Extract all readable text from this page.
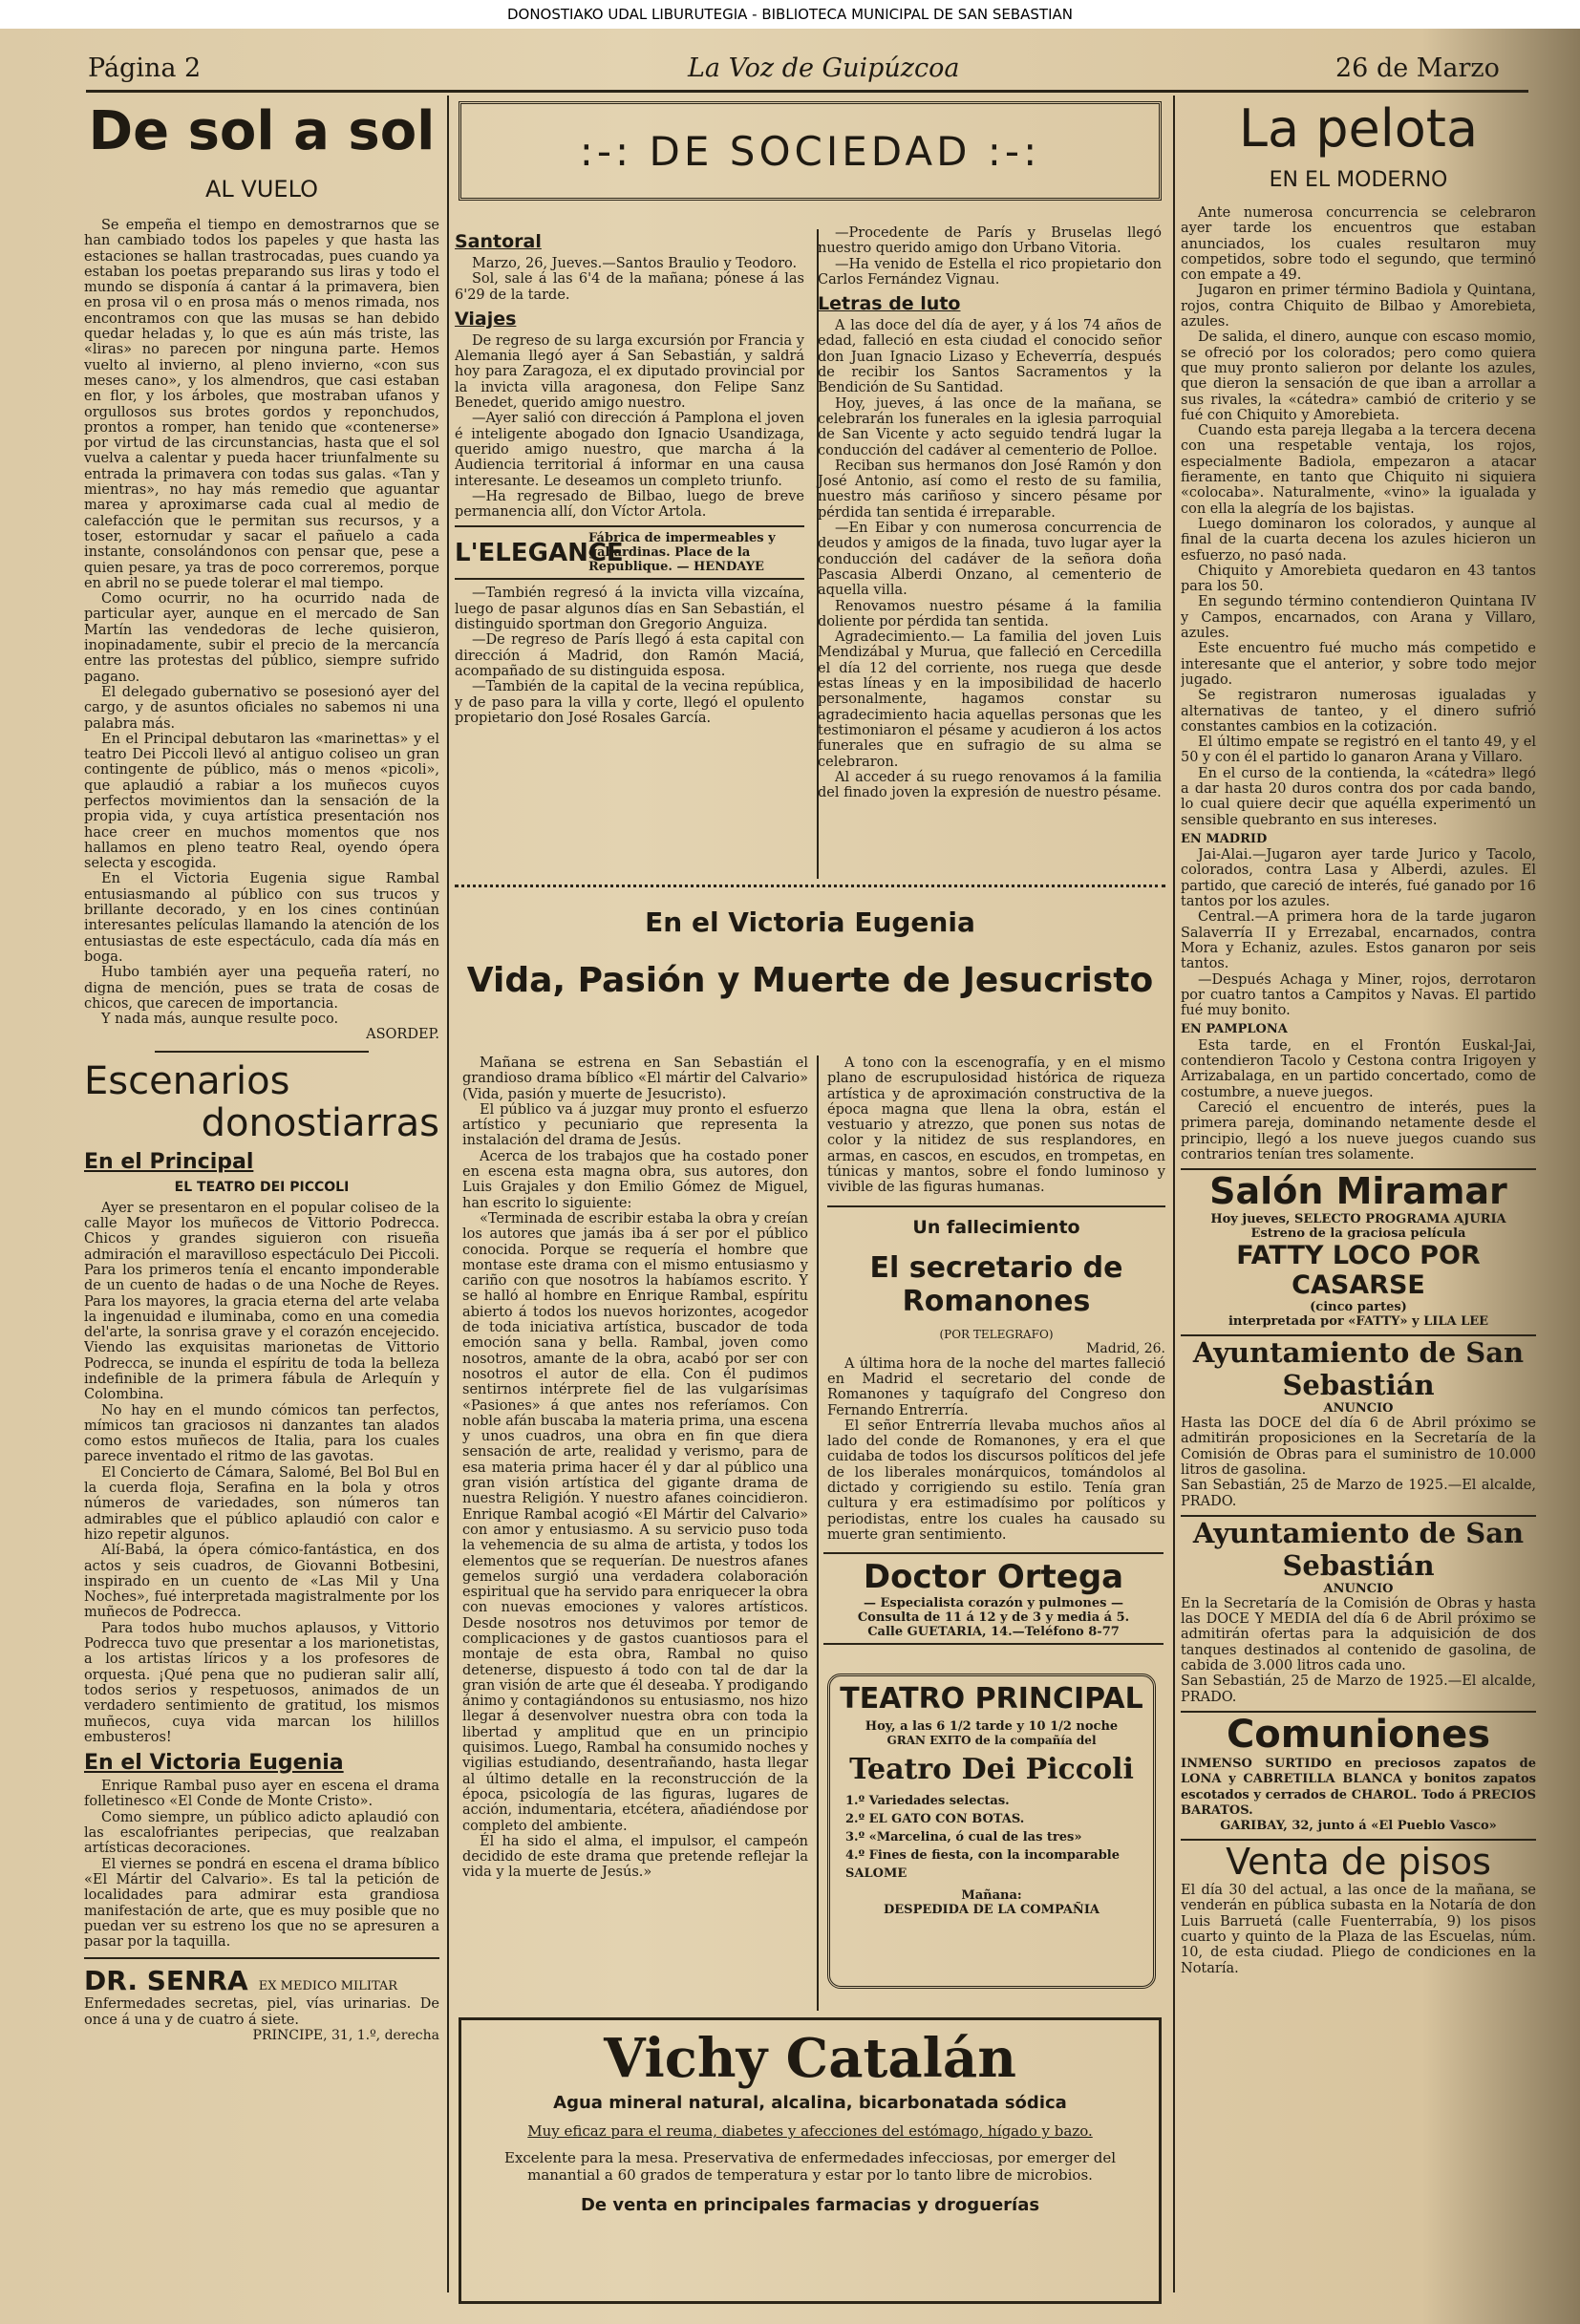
DONOSTIAKO UDAL LIBURUTEGIA - BIBLIOTECA MUNICIPAL DE SAN SEBASTIAN
Página 2	La Voz de Guipúzcoa	26 de Marzo
De sol a sol
AL VUELO

Se empeña el tiempo en demostrarnos que se han cambiado todos los papeles y que hasta las estaciones se hallan trastrocadas, pues cuando ya estaban los poetas preparando sus liras y todo el mundo se disponía á cantar á la primavera, bien en prosa vil o en prosa más o menos rimada, nos encontramos con que las musas se han debido quedar heladas y, lo que es aún más triste, las «liras» no parecen por ninguna parte. Hemos vuelto al invierno, al pleno invierno, «con sus meses cano», y los almendros, que casi estaban en flor, y los árboles, que mostraban ufanos y orgullosos sus brotes gordos y reponchudos, prontos a romper, han tenido que «contenerse» por virtud de las circunstancias, hasta que el sol vuelva a calentar y pueda hacer triunfalmente su entrada la primavera con todas sus galas. «Tan y mientras», no hay más remedio que aguantar marea y aproximarse cada cual al medio de calefacción que le permitan sus recursos, y a toser, estornudar y sacar el pañuelo a cada instante, consolándonos con pensar que, pese a quien pesare, ya tras de poco correremos, porque en abril no se puede tolerar el mal tiempo.

Como ocurrir, no ha ocurrido nada de particular ayer, aunque en el mercado de San Martín las vendedoras de leche quisieron, inopinadamente, subir el precio de la mercancía entre las protestas del público, siempre sufrido pagano.

El delegado gubernativo se posesionó ayer del cargo, y de asuntos oficiales no sabemos ni una palabra más.

En el Principal debutaron las «marinettas» y el teatro Dei Piccoli llevó al antiguo coliseo un gran contingente de público, más o menos «picoli», que aplaudió a rabiar a los muñecos cuyos perfectos movimientos dan la sensación de la propia vida, y cuya artística presentación nos hace creer en muchos momentos que nos hallamos en pleno teatro Real, oyendo ópera selecta y escogida.

En el Victoria Eugenia sigue Rambal entusiasmando al público con sus trucos y brillante decorado, y en los cines continúan interesantes películas llamando la atención de los entusiastas de este espectáculo, cada día más en boga.

Hubo también ayer una pequeña raterí, no digna de mención, pues se trata de cosas de chicos, que carecen de importancia.

Y nada más, aunque resulte poco.

ASORDEP.
Escenarios
donostiarras
En el Principal
EL TEATRO DEI PICCOLI

Ayer se presentaron en el popular coliseo de la calle Mayor los muñecos de Vittorio Podrecca. Chicos y grandes siguieron con risueña admiración el maravilloso espectáculo Dei Piccoli. Para los primeros tenía el encanto imponderable de un cuento de hadas o de una Noche de Reyes. Para los mayores, la gracia eterna del arte velaba la ingenuidad e iluminaba, como en una comedia del'arte, la sonrisa grave y el corazón encejecido. Viendo las exquisitas marionetas de Vittorio Podrecca, se inunda el espíritu de toda la belleza indefinible de la primera fábula de Arlequín y Colombina.

No hay en el mundo cómicos tan perfectos, mímicos tan graciosos ni danzantes tan alados como estos muñecos de Italia, para los cuales parece inventado el ritmo de las gavotas.

El Concierto de Cámara, Salomé, Bel Bol Bul en la cuerda floja, Serafina en la bola y otros números de variedades, son números tan admirables que el público aplaudió con calor e hizo repetir algunos.

Alí-Babá, la ópera cómico-fantástica, en dos actos y seis cuadros, de Giovanni Botbesini, inspirado en un cuento de «Las Mil y Una Noches», fué interpretada magistralmente por los muñecos de Podrecca.

Para todos hubo muchos aplausos, y Vittorio Podrecca tuvo que presentar a los marionetistas, a los artistas líricos y a los profesores de orquesta. ¡Qué pena que no pudieran salir allí, todos serios y respetuosos, animados de un verdadero sentimiento de gratitud, los mismos muñecos, cuya vida marcan los hilillos embusteros!

En el Victoria Eugenia

Enrique Rambal puso ayer en escena el drama folletinesco «El Conde de Monte Cristo».

Como siempre, un público adicto aplaudió con las escalofriantes peripecias, que realzaban artísticas decoraciones.

El viernes se pondrá en escena el drama bíblico «El Mártir del Calvario». Es tal la petición de localidades para admirar esta grandiosa manifestación de arte, que es muy posible que no puedan ver su estreno los que no se apresuren a pasar por la taquilla.

DR. SENRA EX MEDICO MILITAR
Enfermedades secretas, piel, vías urinarias. De once á una y de cuatro á siete.
PRINCIPE, 31, 1.º, derecha
:-: DE SOCIEDAD :-:
Santoral

Marzo, 26, Jueves.—Santos Braulio y Teodoro.

Sol, sale á las 6'4 de la mañana; pónese á las 6'29 de la tarde.

Viajes

De regreso de su larga excursión por Francia y Alemania llegó ayer á San Sebastián, y saldrá hoy para Zaragoza, el ex diputado provincial por la invicta villa aragonesa, don Felipe Sanz Benedet, querido amigo nuestro.

—Ayer salió con dirección á Pamplona el joven é inteligente abogado don Ignacio Usandizaga, querido amigo nuestro, que marcha á la Audiencia territorial á informar en una causa interesante. Le deseamos un completo triunfo.

—Ha regresado de Bilbao, luego de breve permanencia allí, don Víctor Artola.

L'ELEGANCE
Fábrica de impermeables y gabardinas. Place de la Republique. — HENDAYE

—También regresó á la invicta villa vizcaína, luego de pasar algunos días en San Sebastián, el distinguido sportman don Gregorio Anguiza.

—De regreso de París llegó á esta capital con dirección á Madrid, don Ramón Maciá, acompañado de su distinguida esposa.

—También de la capital de la vecina república, y de paso para la villa y corte, llegó el opulento propietario don José Rosales García.

—Procedente de París y Bruselas llegó nuestro querido amigo don Urbano Vitoria.

—Ha venido de Estella el rico propietario don Carlos Fernández Vignau.

Letras de luto

A las doce del día de ayer, y á los 74 años de edad, falleció en esta ciudad el conocido señor don Juan Ignacio Lizaso y Echeverría, después de recibir los Santos Sacramentos y la Bendición de Su Santidad.

Hoy, jueves, á las once de la mañana, se celebrarán los funerales en la iglesia parroquial de San Vicente y acto seguido tendrá lugar la conducción del cadáver al cementerio de Polloe.

Reciban sus hermanos don José Ramón y don José Antonio, así como el resto de su familia, nuestro más cariñoso y sincero pésame por pérdida tan sentida é irreparable.

—En Eibar y con numerosa concurrencia de deudos y amigos de la finada, tuvo lugar ayer la conducción del cadáver de la señora doña Pascasia Alberdi Onzano, al cementerio de aquella villa.

Renovamos nuestro pésame á la familia doliente por pérdida tan sentida.

Agradecimiento.— La familia del joven Luis Mendizábal y Murua, que falleció en Cercedilla el día 12 del corriente, nos ruega que desde estas líneas y en la imposibilidad de hacerlo personalmente, hagamos constar su agradecimiento hacia aquellas personas que les testimoniaron el pésame y acudieron á los actos funerales que en sufragio de su alma se celebraron.

Al acceder á su ruego renovamos á la familia del finado joven la expresión de nuestro pésame.

En el Victoria Eugenia
Vida, Pasión y Muerte de Jesucristo

Mañana se estrena en San Sebastián el grandioso drama bíblico «El mártir del Calvario» (Vida, pasión y muerte de Jesucristo).

El público va á juzgar muy pronto el esfuerzo artístico y pecuniario que representa la instalación del drama de Jesús.

Acerca de los trabajos que ha costado poner en escena esta magna obra, sus autores, don Luis Grajales y don Emilio Gómez de Miguel, han escrito lo siguiente:

«Terminada de escribir estaba la obra y creían los autores que jamás iba á ser por el público conocida. Porque se requería el hombre que montase este drama con el mismo entusiasmo y cariño con que nosotros la habíamos escrito. Y se halló al hombre en Enrique Rambal, espíritu abierto á todos los nuevos horizontes, acogedor de toda iniciativa artística, buscador de toda emoción sana y bella. Rambal, joven como nosotros, amante de la obra, acabó por ser con nosotros el autor de ella. Con él pudimos sentirnos intérprete fiel de las vulgarísimas «Pasiones» á que antes nos referíamos. Con noble afán buscaba la materia prima, una escena y unos cuadros, una obra en fin que diera sensación de arte, realidad y verismo, para de esa materia prima hacer él y dar al público una gran visión artística del gigante drama de nuestra Religión. Y nuestro afanes coincidieron. Enrique Rambal acogió «El Mártir del Calvario» con amor y entusiasmo. A su servicio puso toda la vehemencia de su alma de artista, y todos los elementos que se requerían. De nuestros afanes gemelos surgió una verdadera colaboración espiritual que ha servido para enriquecer la obra con nuevas emociones y valores artísticos. Desde nosotros nos detuvimos por temor de complicaciones y de gastos cuantiosos para el montaje de esta obra, Rambal no quiso detenerse, dispuesto á todo con tal de dar la gran visión de arte que él deseaba. Y prodigando ánimo y contagiándonos su entusiasmo, nos hizo llegar á desenvolver nuestra obra con toda la libertad y amplitud que en un principio quisimos. Luego, Rambal ha consumido noches y vigilias estudiando, desentrañando, hasta llegar al último detalle en la reconstrucción de la época, psicología de las figuras, lugares de acción, indumentaria, etcétera, añadiéndose por completo del ambiente.

Él ha sido el alma, el impulsor, el campeón decidido de este drama que pretende reflejar la vida y la muerte de Jesús.»

A tono con la escenografía, y en el mismo plano de escrupulosidad histórica de riqueza artística y de aproximación constructiva de la época magna que llena la obra, están el vestuario y atrezzo, que ponen sus notas de color y la nitidez de sus resplandores, en armas, en cascos, en escudos, en trompetas, en túnicas y mantos, sobre el fondo luminoso y vivible de las figuras humanas.

Un fallecimiento
El secretario de Romanones
(POR TELEGRAFO)
Madrid, 26.

A última hora de la noche del martes falleció en Madrid el secretario del conde de Romanones y taquígrafo del Congreso don Fernando Entrerría.

El señor Entrerría llevaba muchos años al lado del conde de Romanones, y era el que cuidaba de todos los discursos políticos del jefe de los liberales monárquicos, tomándolos al dictado y corrigiendo su estilo. Tenía gran cultura y era estimadísimo por políticos y periodistas, entre los cuales ha causado su muerte gran sentimiento.

Doctor Ortega
— Especialista corazón y pulmones —
Consulta de 11 á 12 y de 3 y media á 5.
Calle GUETARIA, 14.—Teléfono 8-77
TEATRO PRINCIPAL
Hoy, a las 6 1/2 tarde y 10 1/2 noche
GRAN EXITO de la compañía del
Teatro Dei Piccoli
1.º Variedades selectas.
2.º EL GATO CON BOTAS.
3.º «Marcelina, ó cual de las tres»
4.º Fines de fiesta, con la incomparable SALOME
Mañana:
DESPEDIDA DE LA COMPAÑIA
Vichy Catalán
Agua mineral natural, alcalina, bicarbonatada sódica
Muy eficaz para el reuma, diabetes y afecciones del estómago, hígado y bazo.
Excelente para la mesa. Preservativa de enfermedades infecciosas, por emerger del manantial a 60 grados de temperatura y estar por lo tanto libre de microbios.
De venta en principales farmacias y droguerías
La pelota
EN EL MODERNO

Ante numerosa concurrencia se celebraron ayer tarde los encuentros que estaban anunciados, los cuales resultaron muy competidos, sobre todo el segundo, que terminó con empate a 49.

Jugaron en primer término Badiola y Quintana, rojos, contra Chiquito de Bilbao y Amorebieta, azules.

De salida, el dinero, aunque con escaso momio, se ofreció por los colorados; pero como quiera que muy pronto salieron por delante los azules, que dieron la sensación de que iban a arrollar a sus rivales, la «cátedra» cambió de criterio y se fué con Chiquito y Amorebieta.

Cuando esta pareja llegaba a la tercera decena con una respetable ventaja, los rojos, especialmente Badiola, empezaron a atacar fieramente, en tanto que Chiquito ni siquiera «colocaba». Naturalmente, «vino» la igualada y con ella la alegría de los bajistas.

Luego dominaron los colorados, y aunque al final de la cuarta decena los azules hicieron un esfuerzo, no pasó nada.

Chiquito y Amorebieta quedaron en 43 tantos para los 50.

En segundo término contendieron Quintana IV y Campos, encarnados, con Arana y Villaro, azules.

Este encuentro fué mucho más competido e interesante que el anterior, y sobre todo mejor jugado.

Se registraron numerosas igualadas y alternativas de tanteo, y el dinero sufrió constantes cambios en la cotización.

El último empate se registró en el tanto 49, y el 50 y con él el partido lo ganaron Arana y Villaro.

En el curso de la contienda, la «cátedra» llegó a dar hasta 20 duros contra dos por cada bando, lo cual quiere decir que aquélla experimentó un sensible quebranto en sus intereses.

EN MADRID

Jai-Alai.—Jugaron ayer tarde Jurico y Tacolo, colorados, contra Lasa y Alberdi, azules. El partido, que careció de interés, fué ganado por 16 tantos por los azules.

Central.—A primera hora de la tarde jugaron Salaverría II y Errezabal, encarnados, contra Mora y Echaniz, azules. Estos ganaron por seis tantos.

—Después Achaga y Miner, rojos, derrotaron por cuatro tantos a Campitos y Navas. El partido fué muy bonito.

EN PAMPLONA

Esta tarde, en el Frontón Euskal-Jai, contendieron Tacolo y Cestona contra Irigoyen y Arrizabalaga, en un partido concertado, como de costumbre, a nueve juegos.

Careció el encuentro de interés, pues la primera pareja, dominando netamente desde el principio, llegó a los nueve juegos cuando sus contrarios tenían tres solamente.

Salón Miramar
Hoy jueves, SELECTO PROGRAMA AJURIA
Estreno de la graciosa película
FATTY LOCO POR CASARSE
(cinco partes)
interpretada por «FATTY» y LILA LEE
Ayuntamiento de San Sebastián
ANUNCIO
Hasta las DOCE del día 6 de Abril próximo se admitirán proposiciones en la Secretaría de la Comisión de Obras para el suministro de 10.000 litros de gasolina.
San Sebastián, 25 de Marzo de 1925.—El alcalde, PRADO.
Ayuntamiento de San Sebastián
ANUNCIO
En la Secretaría de la Comisión de Obras y hasta las DOCE Y MEDIA del día 6 de Abril próximo se admitirán ofertas para la adquisición de dos tanques destinados al contenido de gasolina, de cabida de 3.000 litros cada uno.
San Sebastián, 25 de Marzo de 1925.—El alcalde, PRADO.
Comuniones
INMENSO SURTIDO en preciosos zapatos de LONA y CABRETILLA BLANCA y bonitos zapatos escotados y cerrados de CHAROL. Todo á PRECIOS BARATOS.
GARIBAY, 32, junto á «El Pueblo Vasco»
Venta de pisos
El día 30 del actual, a las once de la mañana, se venderán en pública subasta en la Notaría de don Luis Barruetá (calle Fuenterrabía, 9) los pisos cuarto y quinto de la Plaza de las Escuelas, núm. 10, de esta ciudad. Pliego de condiciones en la Notaría.
